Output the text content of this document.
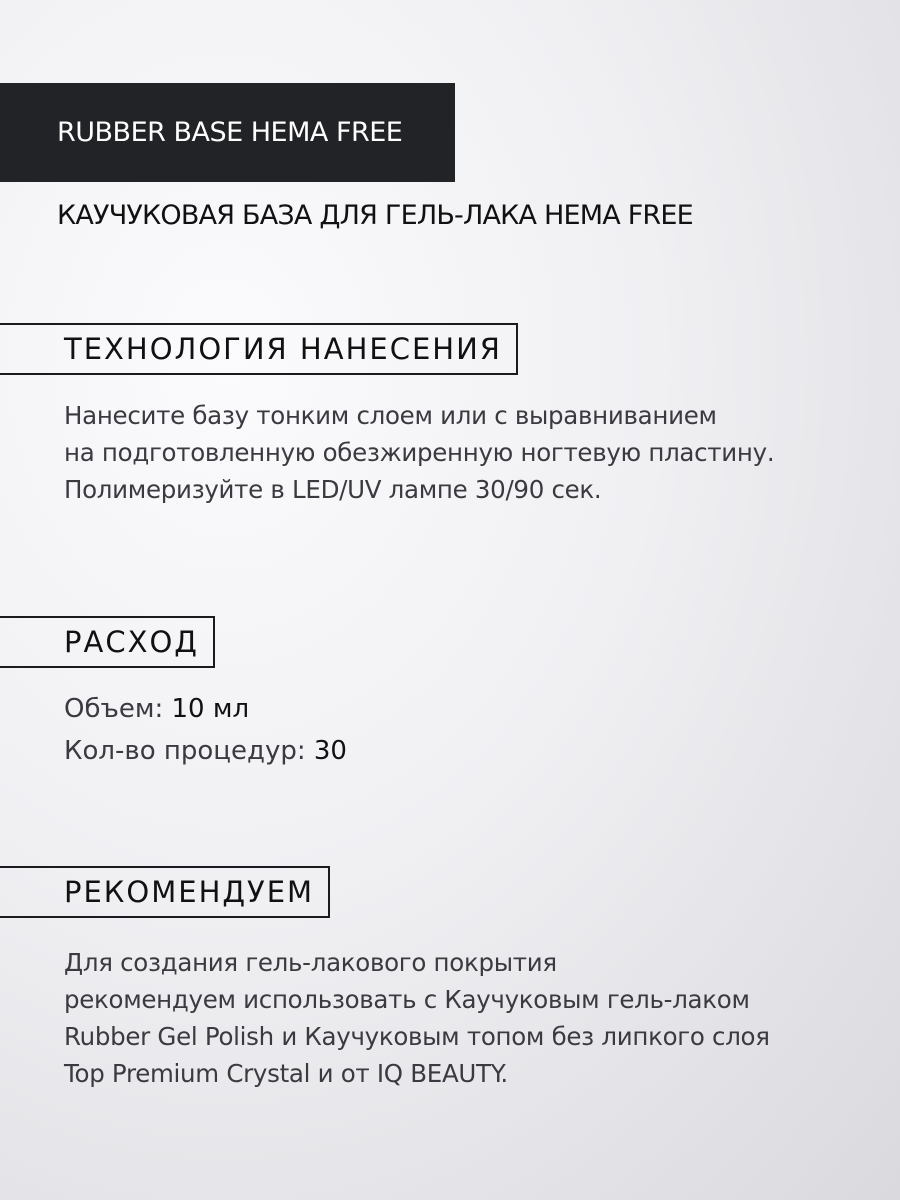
RUBBER BASE HEMA FREE
КАУЧУКОВАЯ БАЗА ДЛЯ ГЕЛЬ-ЛАКА HEMA FREE
ТЕХНОЛОГИЯ НАНЕСЕНИЯ

Нанесите базу тонким слоем или с выравниванием

на подготовленную обезжиренную ногтевую пластину.

Полимеризуйте в LED/UV лампе 30/90 сек.

РАСХОД
Объем: 10 мл
Кол-во процедур: 30
РЕКОМЕНДУЕМ

Для создания гель-лакового покрытия

рекомендуем использовать с Каучуковым гель-лаком

Rubber Gel Polish и Каучуковым топом без липкого слоя

Top Premium Crystal и от IQ BEAUTY.
